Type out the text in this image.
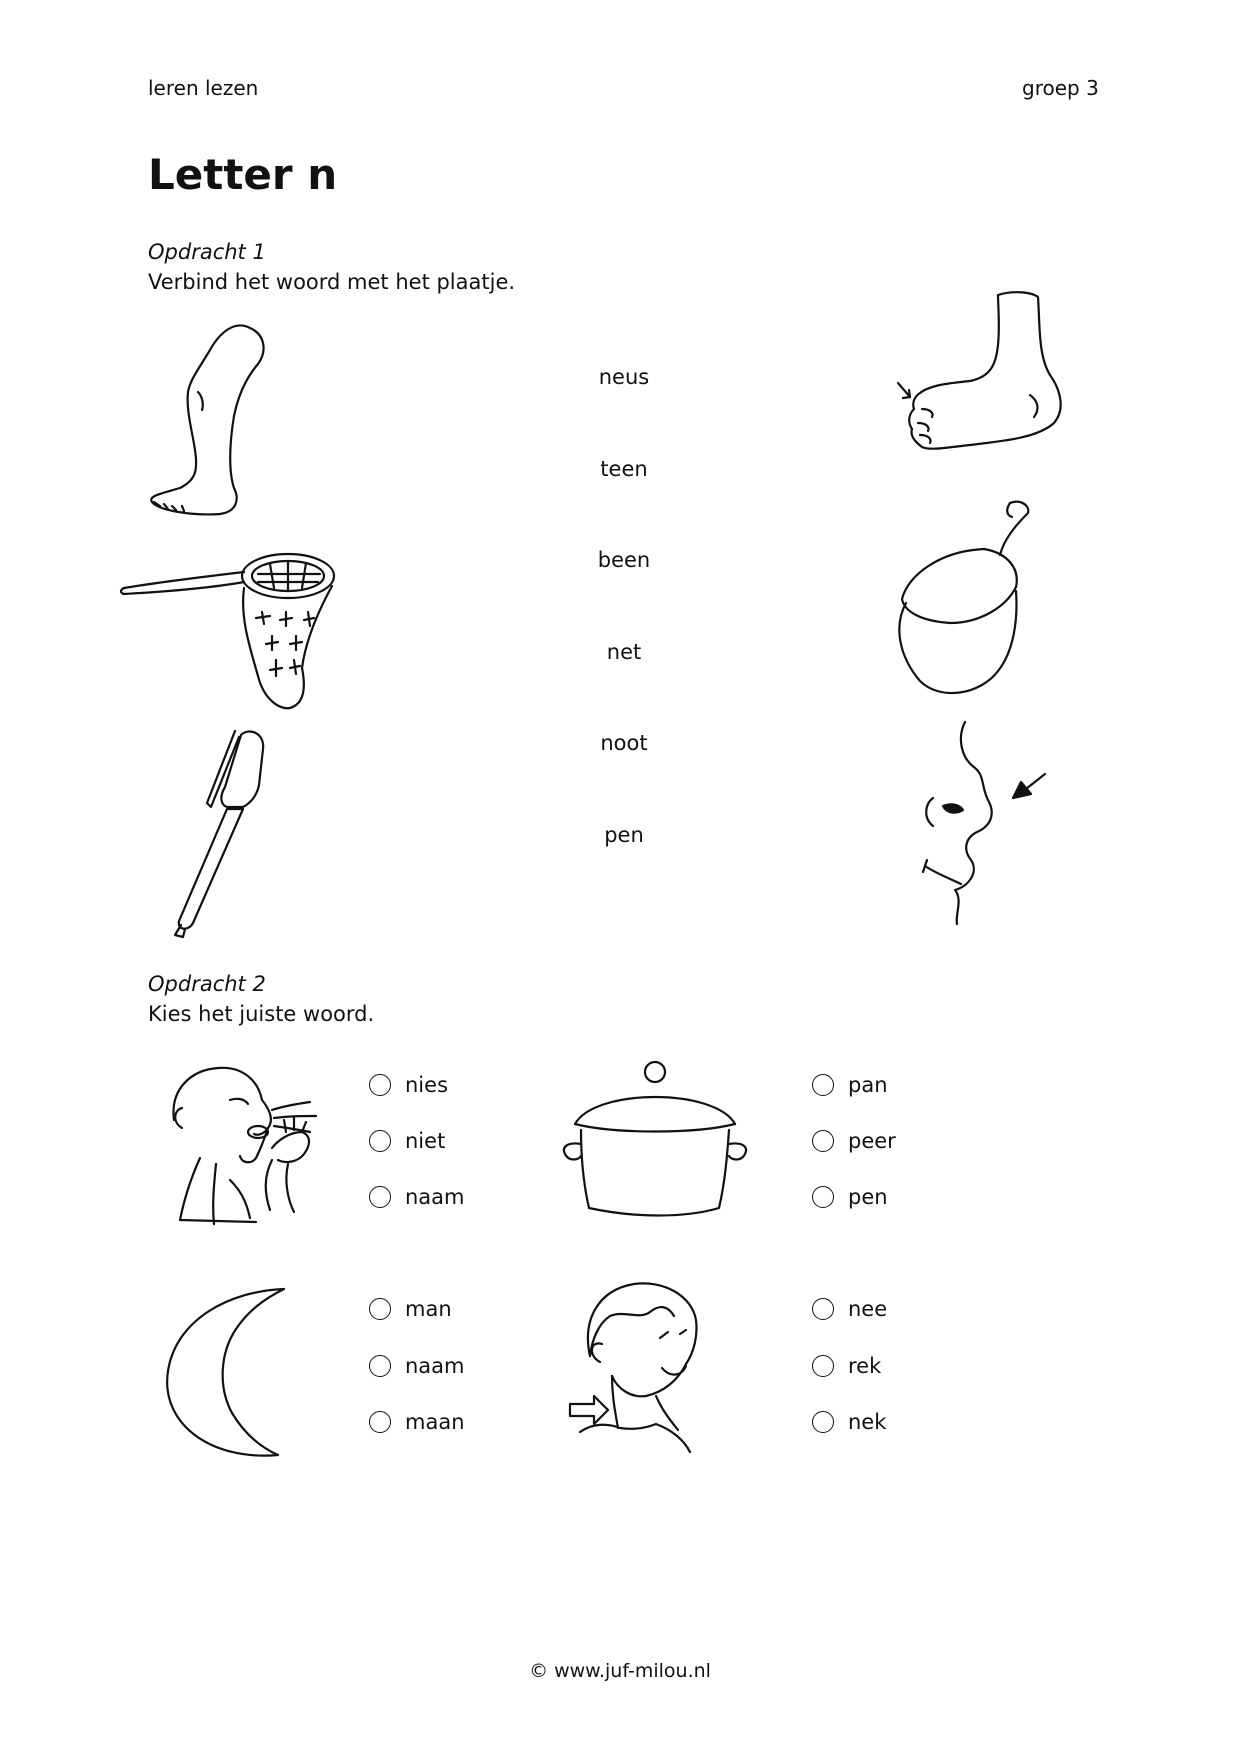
leren lezen	groep 3
Letter n
Opdracht 1
Verbind het woord met het plaatje.
neus
teen
been
net
noot
pen
Opdracht 2
Kies het juiste woord.
nies
niet
naam
pan
peer
pen
man
naam
maan
nee
rek
nek
© www.juf-milou.nl
